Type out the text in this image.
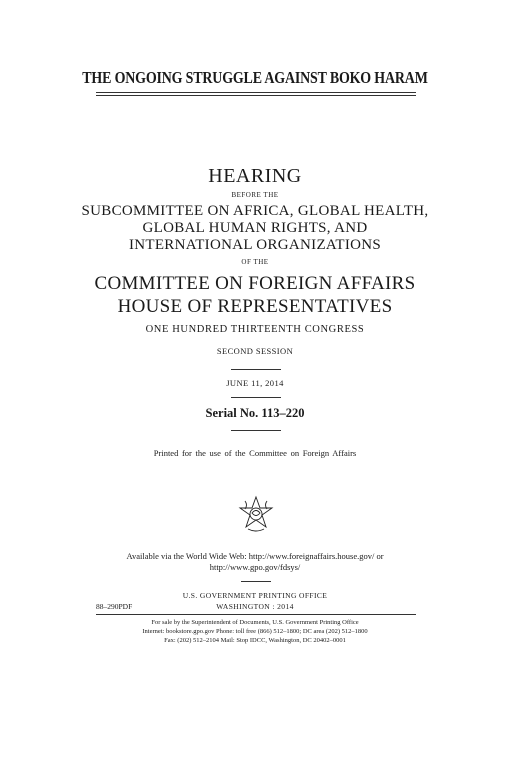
THE ONGOING STRUGGLE AGAINST BOKO HARAM
HEARING
BEFORE THE
SUBCOMMITTEE ON AFRICA, GLOBAL HEALTH,
GLOBAL HUMAN RIGHTS, AND
INTERNATIONAL ORGANIZATIONS
OF THE
COMMITTEE ON FOREIGN AFFAIRS
HOUSE OF REPRESENTATIVES
ONE HUNDRED THIRTEENTH CONGRESS
SECOND SESSION
JUNE 11, 2014
Serial No. 113–220
Printed for the use of the Committee on Foreign Affairs
Available via the World Wide Web: http://www.foreignaffairs.house.gov/ or
http://www.gpo.gov/fdsys/
U.S. GOVERNMENT PRINTING OFFICE
WASHINGTON : 2014
88–290PDF
For sale by the Superintendent of Documents, U.S. Government Printing Office
Internet: bookstore.gpo.gov Phone: toll free (866) 512–1800; DC area (202) 512–1800
Fax: (202) 512–2104 Mail: Stop IDCC, Washington, DC 20402–0001
